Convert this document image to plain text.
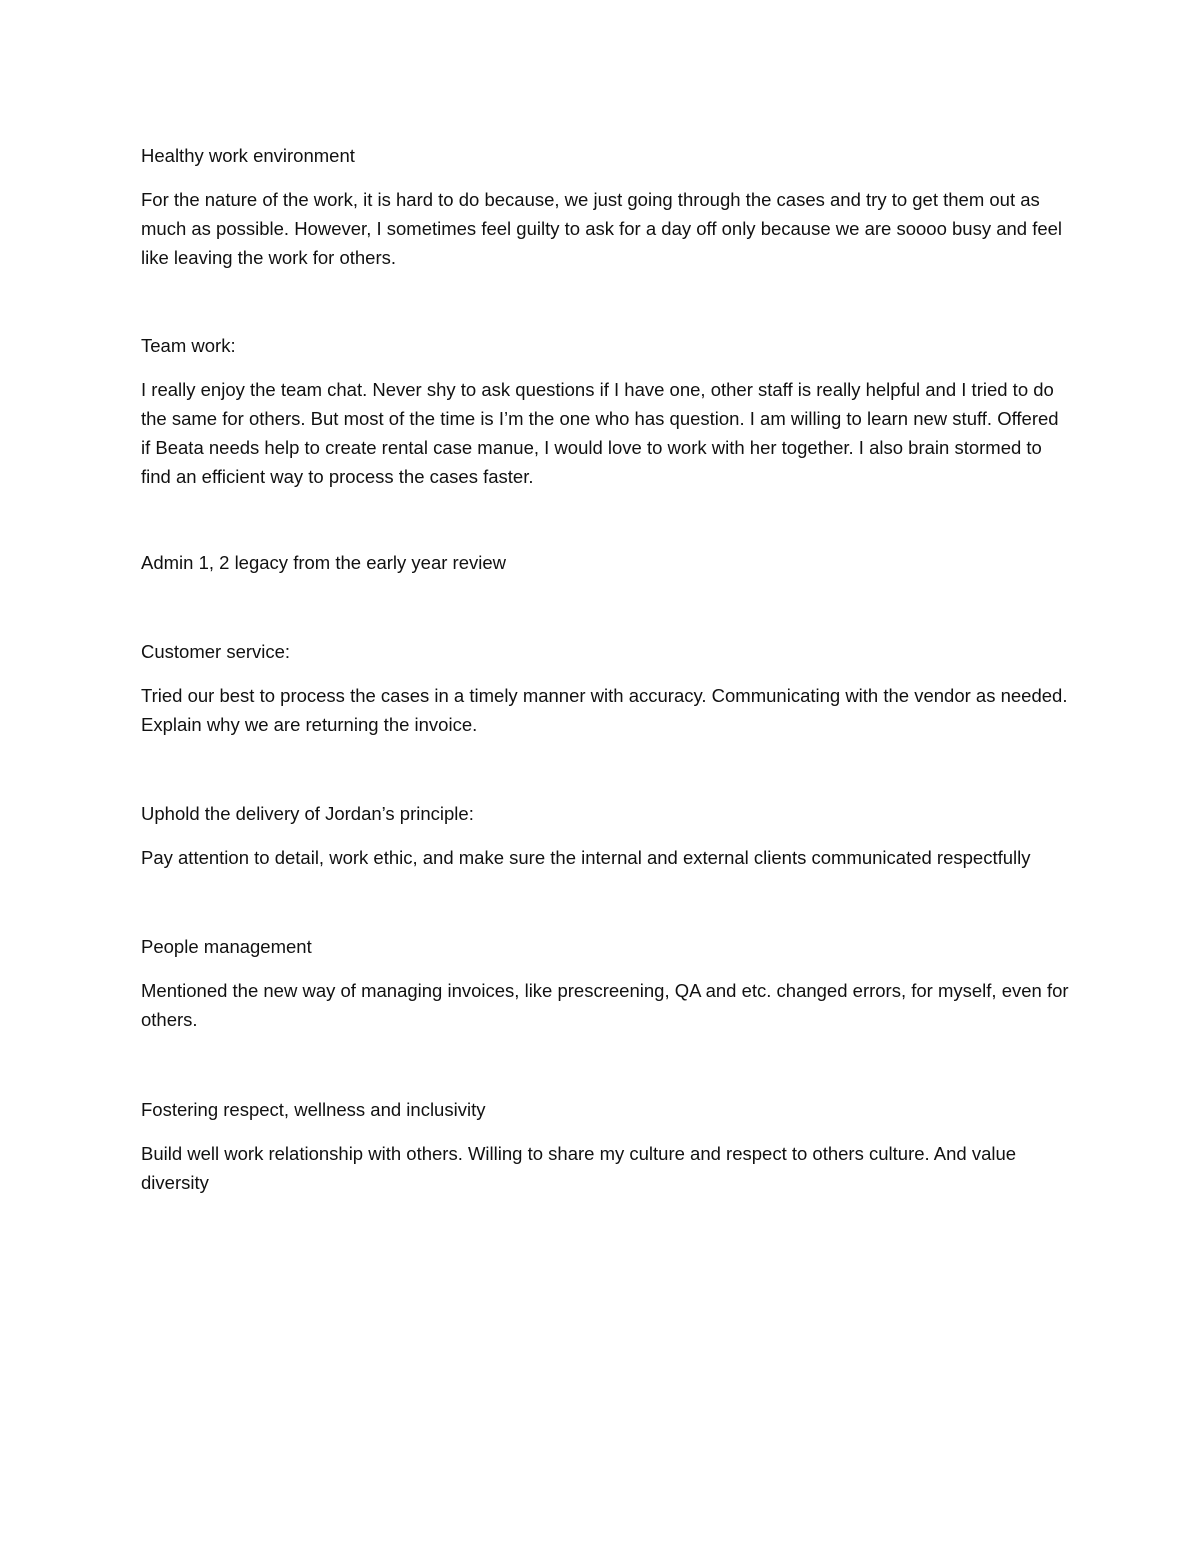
Healthy work environment

For the nature of the work, it is hard to do because, we just going through the cases and try to get them out as much as possible. However, I sometimes feel guilty to ask for a day off only because we are soooo busy and feel like leaving the work for others.

Team work:

I really enjoy the team chat. Never shy to ask questions if I have one, other staff is really helpful and I tried to do the same for others. But most of the time is I’m the one who has question. I am willing to learn new stuff. Offered if Beata needs help to create rental case manue, I would love to work with her together. I also brain stormed to find an efficient way to process the cases faster.

Admin 1, 2 legacy from the early year review

Customer service:

Tried our best to process the cases in a timely manner with accuracy. Communicating with the vendor as needed. Explain why we are returning the invoice.

Uphold the delivery of Jordan’s principle:

Pay attention to detail, work ethic, and make sure the internal and external clients communicated respectfully

People management

Mentioned the new way of managing invoices, like prescreening, QA and etc. changed errors, for myself, even for others.

Fostering respect, wellness and inclusivity

Build well work relationship with others. Willing to share my culture and respect to others culture. And value diversity
